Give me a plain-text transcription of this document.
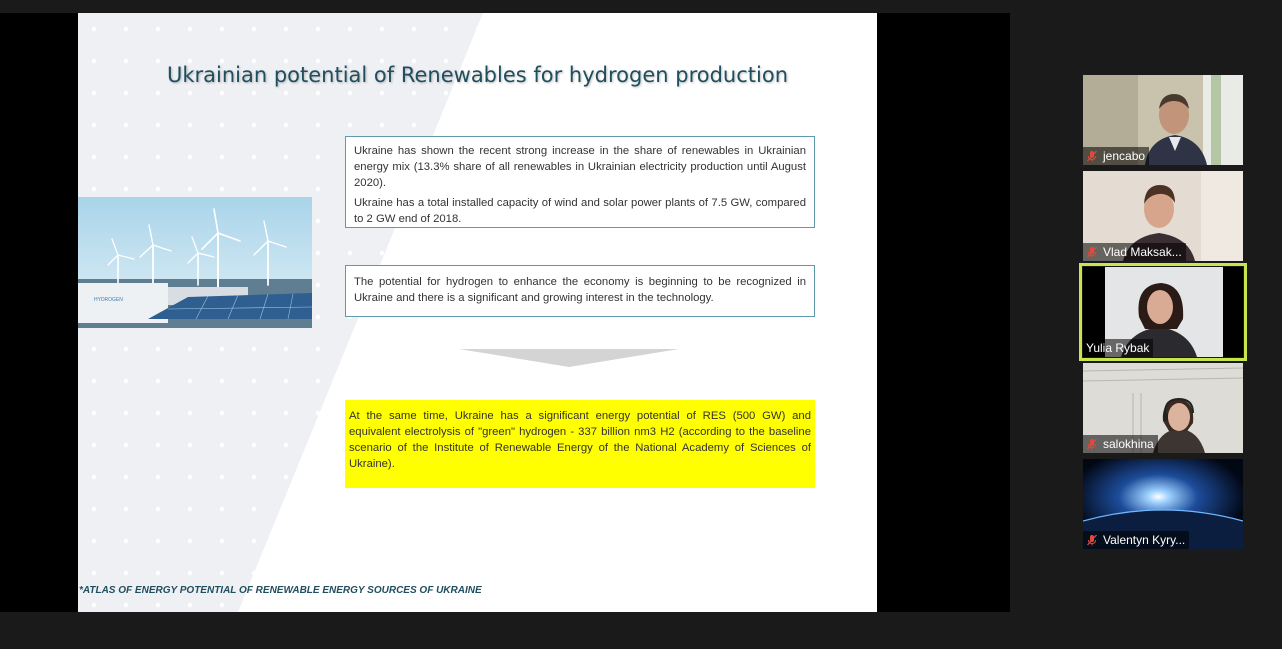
Ukrainian potential of Renewables for hydrogen production
HYDROGEN

Ukraine has shown the recent strong increase in the share of renewables in Ukrainian energy mix (13.3% share of all renewables in Ukrainian electricity production until August 2020).

Ukraine has a total installed capacity of wind and solar power plants of 7.5 GW, compared to 2 GW end of 2018.

The potential for hydrogen to enhance the economy is beginning to be recognized in Ukraine and there is a significant and growing interest in the technology.

At the same time, Ukraine has a significant energy potential of RES (500 GW) and equivalent electrolysis of "green" hydrogen - 337 billion nm3 H2 (according to the baseline scenario of the Institute of Renewable Energy of the National Academy of Sciences of Ukraine).
*ATLAS OF ENERGY POTENTIAL OF RENEWABLE ENERGY SOURCES OF UKRAINE
jencabo
Vlad Maksak...
Yulia Rybak
salokhina
Valentyn Kyry...
